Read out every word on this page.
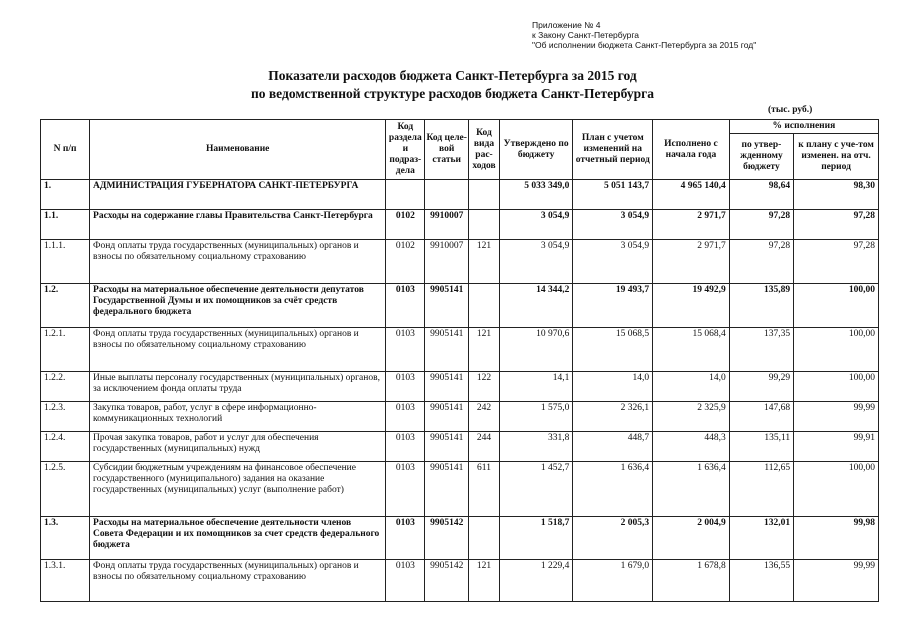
Приложение № 4
к Закону Санкт-Петербурга
"Об исполнении бюджета Санкт-Петербурга за 2015 год"
Показатели расходов бюджета Санкт-Петербурга за 2015 год
по ведомственной структуре расходов бюджета Санкт-Петербурга
(тыс. руб.)
N п/п	Наименование	Код раздела и подраз-дела	Код целе-вой статьи	Код вида рас-ходов	Утверждено по бюджету	План с учетом изменений на отчетный период	Исполнено с начала года	% исполнения	
								по утвер-жденному бюджету	к плану с уче-том изменен. на отч. период
1.	АДМИНИСТРАЦИЯ ГУБЕРНАТОРА САНКТ-ПЕТЕРБУРГА				5 033 349,0	5 051 143,7	4 965 140,4	98,64	98,30
1.1.	Расходы на содержание главы Правительства Санкт-Петербурга	0102	9910007		3 054,9	3 054,9	2 971,7	97,28	97,28
1.1.1.	Фонд оплаты труда государственных (муниципальных) органов и взносы по обязательному социальному страхованию	0102	9910007	121	3 054,9	3 054,9	2 971,7	97,28	97,28
1.2.	Расходы на материальное обеспечение деятельности депутатов Государственной Думы и их помощников за счёт средств федерального бюджета	0103	9905141		14 344,2	19 493,7	19 492,9	135,89	100,00
1.2.1.	Фонд оплаты труда государственных (муниципальных) органов и взносы по обязательному социальному страхованию	0103	9905141	121	10 970,6	15 068,5	15 068,4	137,35	100,00
1.2.2.	Иные выплаты персоналу государственных (муниципальных) органов, за исключением фонда оплаты труда	0103	9905141	122	14,1	14,0	14,0	99,29	100,00
1.2.3.	Закупка товаров, работ, услуг в сфере информационно-коммуникационных технологий	0103	9905141	242	1 575,0	2 326,1	2 325,9	147,68	99,99
1.2.4.	Прочая закупка товаров, работ и услуг для обеспечения государственных (муниципальных) нужд	0103	9905141	244	331,8	448,7	448,3	135,11	99,91
1.2.5.	Субсидии бюджетным учреждениям на финансовое обеспечение государственного (муниципального) задания на оказание государственных (муниципальных) услуг (выполнение работ)	0103	9905141	611	1 452,7	1 636,4	1 636,4	112,65	100,00
1.3.	Расходы на материальное обеспечение деятельности членов Совета Федерации и их помощников за счет средств федерального бюджета	0103	9905142		1 518,7	2 005,3	2 004,9	132,01	99,98
1.3.1.	Фонд оплаты труда государственных (муниципальных) органов и взносы по обязательному социальному страхованию	0103	9905142	121	1 229,4	1 679,0	1 678,8	136,55	99,99
